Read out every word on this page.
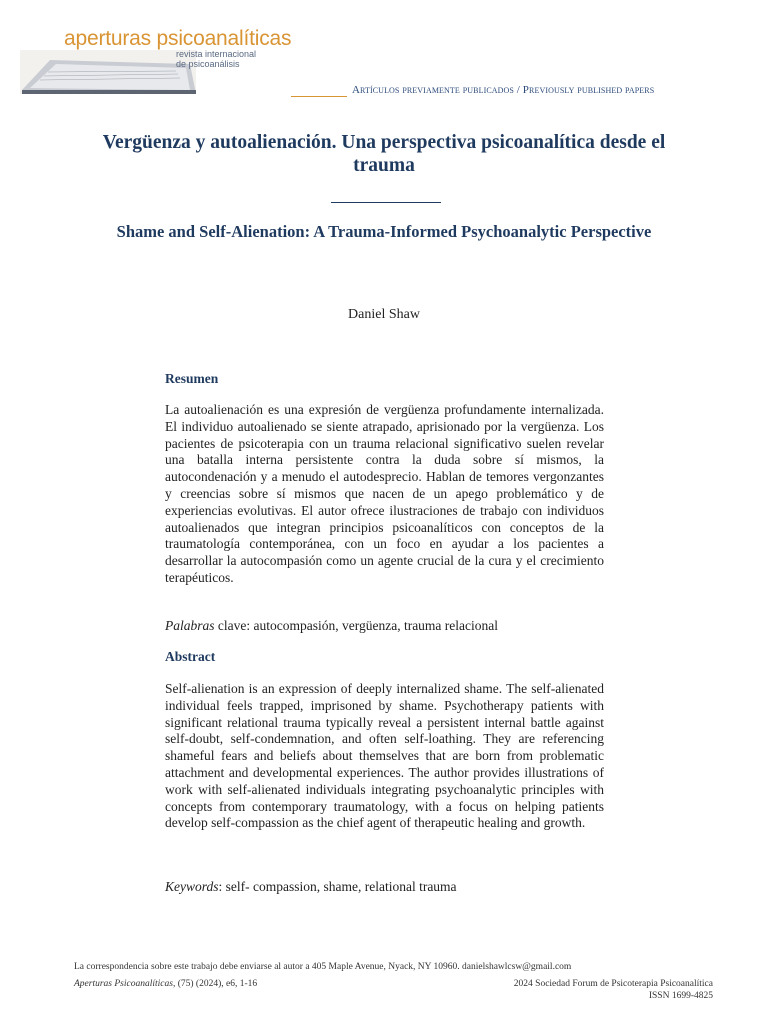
aperturas psicoanalíticas
revista internacional
de psicoanálisis
Artículos previamente publicados / Previously published papers
Vergüenza y autoalienación. Una perspectiva psicoanalítica desde el trauma
Shame and Self-Alienation: A Trauma-Informed Psychoanalytic Perspective
Daniel Shaw
Resumen
La autoalienación es una expresión de vergüenza profundamente internalizada. El individuo autoalienado se siente atrapado, aprisionado por la vergüenza. Los pacientes de psicoterapia con un trauma relacional significativo suelen revelar una batalla interna persistente contra la duda sobre sí mismos, la autocondenación y a menudo el autodesprecio. Hablan de temores vergonzantes y creencias sobre sí mismos que nacen de un apego problemático y de experiencias evolutivas. El autor ofrece ilustraciones de trabajo con individuos autoalienados que integran principios psicoanalíticos con conceptos de la traumatología contemporánea, con un foco en ayudar a los pacientes a desarrollar la autocompasión como un agente crucial de la cura y el crecimiento terapéuticos.
Palabras clave: autocompasión, vergüenza, trauma relacional
Abstract
Self-alienation is an expression of deeply internalized shame. The self-alienated individual feels trapped, imprisoned by shame. Psychotherapy patients with significant relational trauma typically reveal a persistent internal battle against self-doubt, self-condemnation, and often self-loathing. They are referencing shameful fears and beliefs about themselves that are born from problematic attachment and developmental experiences. The author provides illustrations of work with self-alienated individuals integrating psychoanalytic principles with concepts from contemporary traumatology, with a focus on helping patients develop self-compassion as the chief agent of therapeutic healing and growth.
Keywords: self- compassion, shame, relational trauma
La correspondencia sobre este trabajo debe enviarse al autor a 405 Maple Avenue, Nyack, NY 10960. danielshawlcsw@gmail.com
Aperturas Psicoanalíticas, (75) (2024), e6, 1-16	2024 Sociedad Forum de Psicoterapia Psicoanalítica
ISSN 1699-4825
